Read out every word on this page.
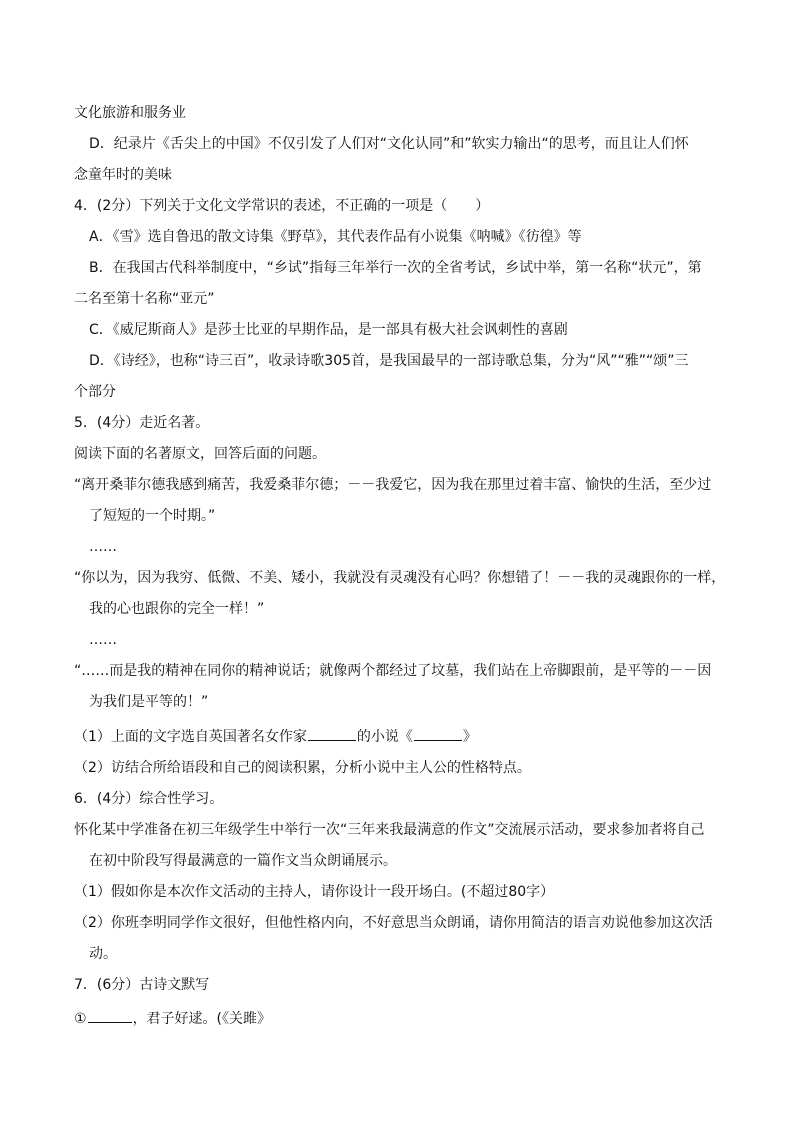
文化旅游和服务业
D．纪录片《舌尖上的中国》不仅引发了人们对“文化认同”和”软实力输出“的思考，而且让人们怀
念童年时的美味
4．(2分）下列关于文化文学常识的表述，不正确的一项是（　　）
A．《雪》选自鲁迅的散文诗集《野草》，其代表作品有小说集《呐喊》《彷徨》等
B．在我国古代科举制度中，“乡试”指每三年举行一次的全省考试，乡试中举，第一名称“状元”，第
二名至第十名称“亚元”
C．《威尼斯商人》是莎士比亚的早期作品，是一部具有极大社会讽刺性的喜剧
D．《诗经》，也称“诗三百”，收录诗歌305首，是我国最早的一部诗歌总集，分为“风”“雅”“颂”三
个部分
5．(4分）走近名著。
阅读下面的名著原文，回答后面的问题。
“离开桑菲尔德我感到痛苦，我爱桑菲尔德；－－我爱它，因为我在那里过着丰富、愉快的生活，至少过
了短短的一个时期。”
……
“你以为，因为我穷、低微、不美、矮小，我就没有灵魂没有心吗？你想错了！－－我的灵魂跟你的一样，
我的心也跟你的完全一样！”
……
“……而是我的精神在同你的精神说话；就像两个都经过了坟墓，我们站在上帝脚跟前，是平等的－－因
为我们是平等的！”
（1）上面的文字选自英国著名女作家	的小说《	》
（2）访结合所给语段和自己的阅读积累，分析小说中主人公的性格特点。
6．(4分）综合性学习。
怀化某中学准备在初三年级学生中举行一次“三年来我最满意的作文”交流展示活动，要求参加者将自己
在初中阶段写得最满意的一篇作文当众朗诵展示。
（1）假如你是本次作文活动的主持人，请你设计一段开场白。(不超过80字）
（2）你班李明同学作文很好，但他性格内向，不好意思当众朗诵，请你用简洁的语言劝说他参加这次活
动。
7．(6分）古诗文默写
①	，君子好逑。(《关雎》
